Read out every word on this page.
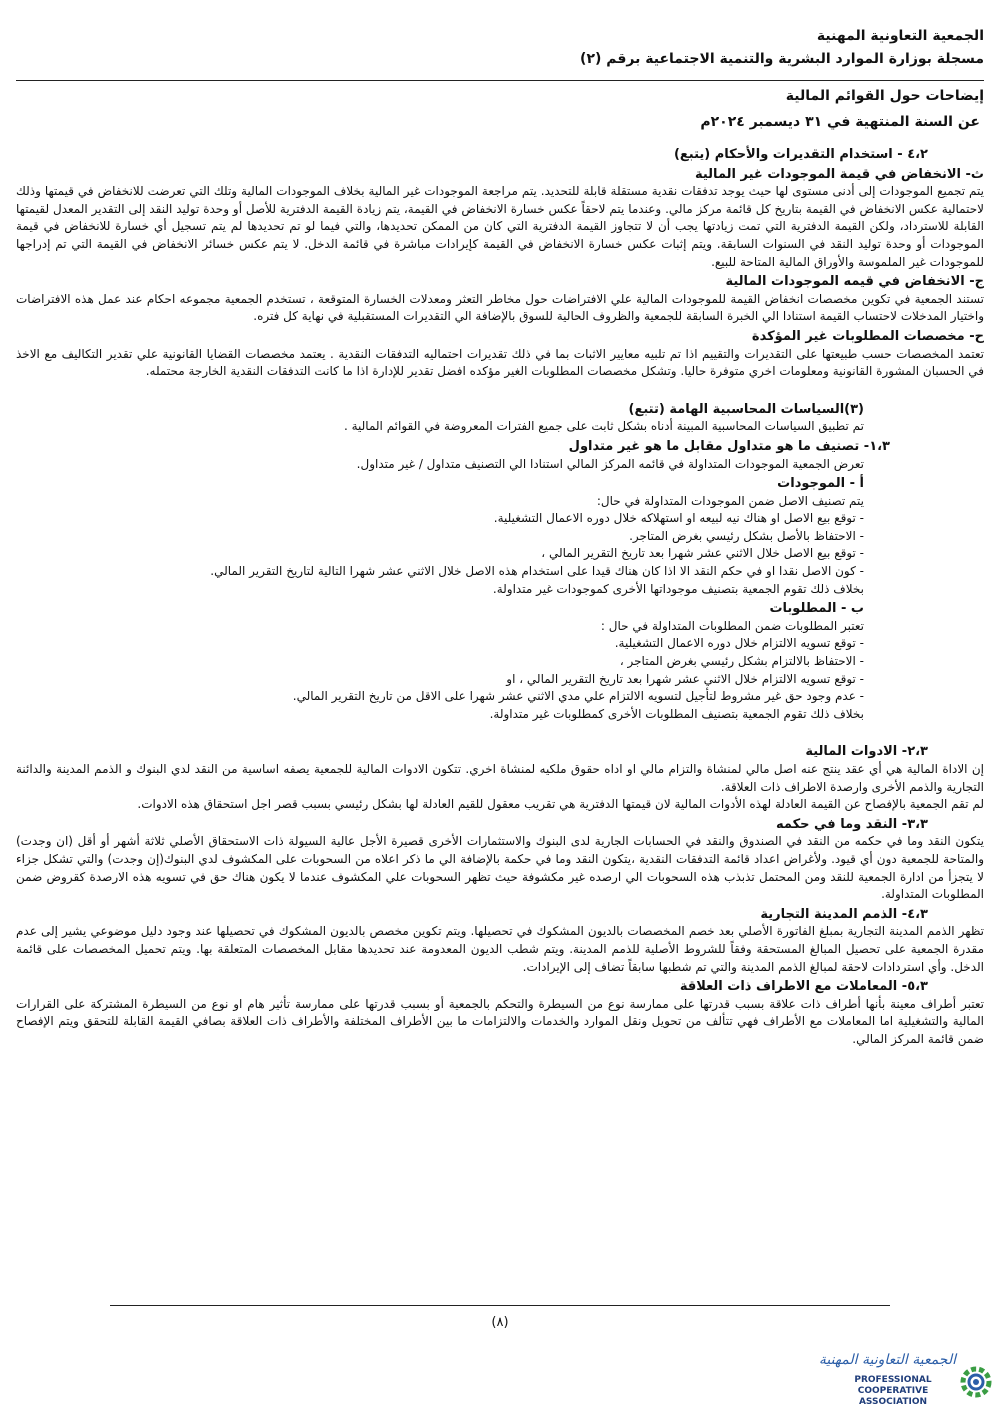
الجمعية التعاونية المهنية
مسجلة بوزارة الموارد البشرية والتنمية الاجتماعية برقم (٢)
إيضاحات حول القوائم المالية
عن السنة المنتهية في ٣١ ديسمبر ٢٠٢٤م
٤،٢ - استخدام التقديرات والأحكام (يتبع)
ث- الانخفاض في قيمة الموجودات غير المالية

يتم تجميع الموجودات إلى أدنى مستوى لها حيث يوجد تدفقات نقدية مستقلة قابلة للتحديد. يتم مراجعة الموجودات غير المالية بخلاف الموجودات المالية وتلك التي تعرضت للانخفاض في قيمتها وذلك لاحتمالية عكس الانخفاض في القيمة بتاريخ كل قائمة مركز مالي. وعندما يتم لاحقاً عكس خسارة الانخفاض في القيمة، يتم زيادة القيمة الدفترية للأصل أو وحدة توليد النقد إلى التقدير المعدل لقيمتها القابلة للاسترداد، ولكن القيمة الدفترية التي تمت زيادتها يجب أن لا تتجاوز القيمة الدفترية التي كان من الممكن تحديدها، والتي فيما لو تم تحديدها لم يتم تسجيل أي خسارة للانخفاض في قيمة الموجودات أو وحدة توليد النقد في السنوات السابقة. ويتم إثبات عكس خسارة الانخفاض في القيمة كإيرادات مباشرة في قائمة الدخل. لا يتم عكس خسائر الانخفاض في القيمة التي تم إدراجها للموجودات غير الملموسة والأوراق المالية المتاحة للبيع.

ج- الانخفاض في قيمه الموجودات المالية

تستند الجمعية في تكوين مخصصات انخفاض القيمة للموجودات المالية علي الافتراضات حول مخاطر التعثر ومعدلات الخسارة المتوقعة ، تستخدم الجمعية مجموعه احكام عند عمل هذه الافتراضات واختيار المدخلات لاحتساب القيمة استنادا الي الخبرة السابقة للجمعية والظروف الحالية للسوق بالإضافة الي التقديرات المستقبلية في نهاية كل فتره.

ح- مخصصات المطلوبات غير المؤكدة

تعتمد المخصصات حسب طبيعتها على التقديرات والتقييم اذا تم تلبيه معايير الاثبات بما في ذلك تقديرات احتماليه التدفقات النقدية . يعتمد مخصصات القضايا القانونية علي تقدير التكاليف مع الاخذ في الحسبان المشورة القانونية ومعلومات اخري متوفرة حاليا. وتشكل مخصصات المطلوبات الغير مؤكده افضل تقدير للإدارة اذا ما كانت التدفقات النقدية الخارجة محتمله.

(٣)السياسات المحاسبية الهامة (تتبع)

تم تطبيق السياسات المحاسبية المبينة أدناه بشكل ثابت على جميع الفترات المعروضة في القوائم المالية .

١،٣- تصنيف ما هو متداول مقابل ما هو غير متداول

تعرض الجمعية الموجودات المتداولة في قائمه المركز المالي استنادا الي التصنيف متداول / غير متداول.

أ - الموجودات

يتم تصنيف الاصل ضمن الموجودات المتداولة في حال:

- توقع بيع الاصل او هناك نيه لبيعه او استهلاكه خلال دوره الاعمال التشغيلية.
- الاحتفاظ بالأصل بشكل رئيسي بغرض المتاجر.
- توقع بيع الاصل خلال الاثني عشر شهرا بعد تاريخ التقرير المالي ،
- كون الاصل نقدا او في حكم النقد الا اذا كان هناك قيدا على استخدام هذه الاصل خلال الاثني عشر شهرا التالية لتاريخ التقرير المالي.

بخلاف ذلك تقوم الجمعية بتصنيف موجوداتها الأخرى كموجودات غير متداولة.

ب - المطلوبات

تعتبر المطلوبات ضمن المطلوبات المتداولة في حال :

- توقع تسويه الالتزام خلال دوره الاعمال التشغيلية.
- الاحتفاظ بالالتزام بشكل رئيسي بغرض المتاجر ،
- توقع تسويه الالتزام خلال الاثني عشر شهرا بعد تاريخ التقرير المالي ، او
- عدم وجود حق غير مشروط لتأجيل لتسويه الالتزام علي مدي الاثني عشر شهرا على الاقل من تاريخ التقرير المالي.

بخلاف ذلك تقوم الجمعية بتصنيف المطلوبات الأخرى كمطلوبات غير متداولة.

٢،٣- الادوات المالية

إن الاداة المالية هي أي عقد ينتج عنه اصل مالي لمنشاة والتزام مالي او اداه حقوق ملكيه لمنشاة اخري. تتكون الادوات المالية للجمعية يصفه اساسية من النقد لدي البنوك و الذمم المدينة والدائنة التجارية والذمم الأخرى وارصدة الاطراف ذات العلاقة.

لم تقم الجمعية بالإفصاح عن القيمة العادلة لهذه الأدوات المالية لان قيمتها الدفترية هي تقريب معقول للقيم العادلة لها بشكل رئيسي بسبب قصر اجل استحقاق هذه الادوات.

٣،٣- النقد وما في حكمه

يتكون النقد وما في حكمه من النقد في الصندوق والنقد في الحسابات الجارية لدى البنوك والاستثمارات الأخرى قصيرة الأجل عالية السيولة ذات الاستحقاق الأصلي ثلاثة أشهر أو أقل (ان وجدت) والمتاحة للجمعية دون أي قيود. ولأغراض اعداد قائمة التدفقات النقدية ،يتكون النقد وما في حكمة بالإضافة الي ما ذكر اعلاه من السحوبات على المكشوف لدي البنوك(إن وجدت) والتي تشكل جزاء لا يتجزأ من ادارة الجمعية للنقد ومن المحتمل تذبذب هذه السحوبات الي ارصده غير مكشوفة حيث تظهر السحوبات علي المكشوف عندما لا يكون هناك حق في تسويه هذه الارصدة كقروض ضمن المطلوبات المتداولة.

٤،٣- الذمم المدينة التجارية

تظهر الذمم المدينة التجارية بمبلغ الفاتورة الأصلي بعد خصم المخصصات بالديون المشكوك في تحصيلها. ويتم تكوين مخصص بالديون المشكوك في تحصيلها عند وجود دليل موضوعي يشير إلى عدم مقدرة الجمعية على تحصيل المبالغ المستحقة وفقاً للشروط الأصلية للذمم المدينة. ويتم شطب الديون المعدومة عند تحديدها مقابل المخصصات المتعلقة بها. ويتم تحميل المخصصات على قائمة الدخل. وأي استردادات لاحقة لمبالغ الذمم المدينة والتي تم شطبها سابقاً تضاف إلى الإيرادات.

٥،٣- المعاملات مع الاطراف ذات العلاقة

تعتبر أطراف معينة بأنها أطراف ذات علاقة بسبب قدرتها على ممارسة نوع من السيطرة والتحكم بالجمعية أو بسبب قدرتها على ممارسة تأثير هام او نوع من السيطرة المشتركة على القرارات المالية والتشغيلية اما المعاملات مع الأطراف فهي تتألف من تحويل ونقل الموارد والخدمات والالتزامات ما بين الأطراف المختلفة والأطراف ذات العلاقة بصافي القيمة القابلة للتحقق ويتم الإفصاح ضمن قائمة المركز المالي.

(٨)
الجمعية التعاونية المهنية
PROFESSIONAL COOPERATIVE ASSOCIATION
